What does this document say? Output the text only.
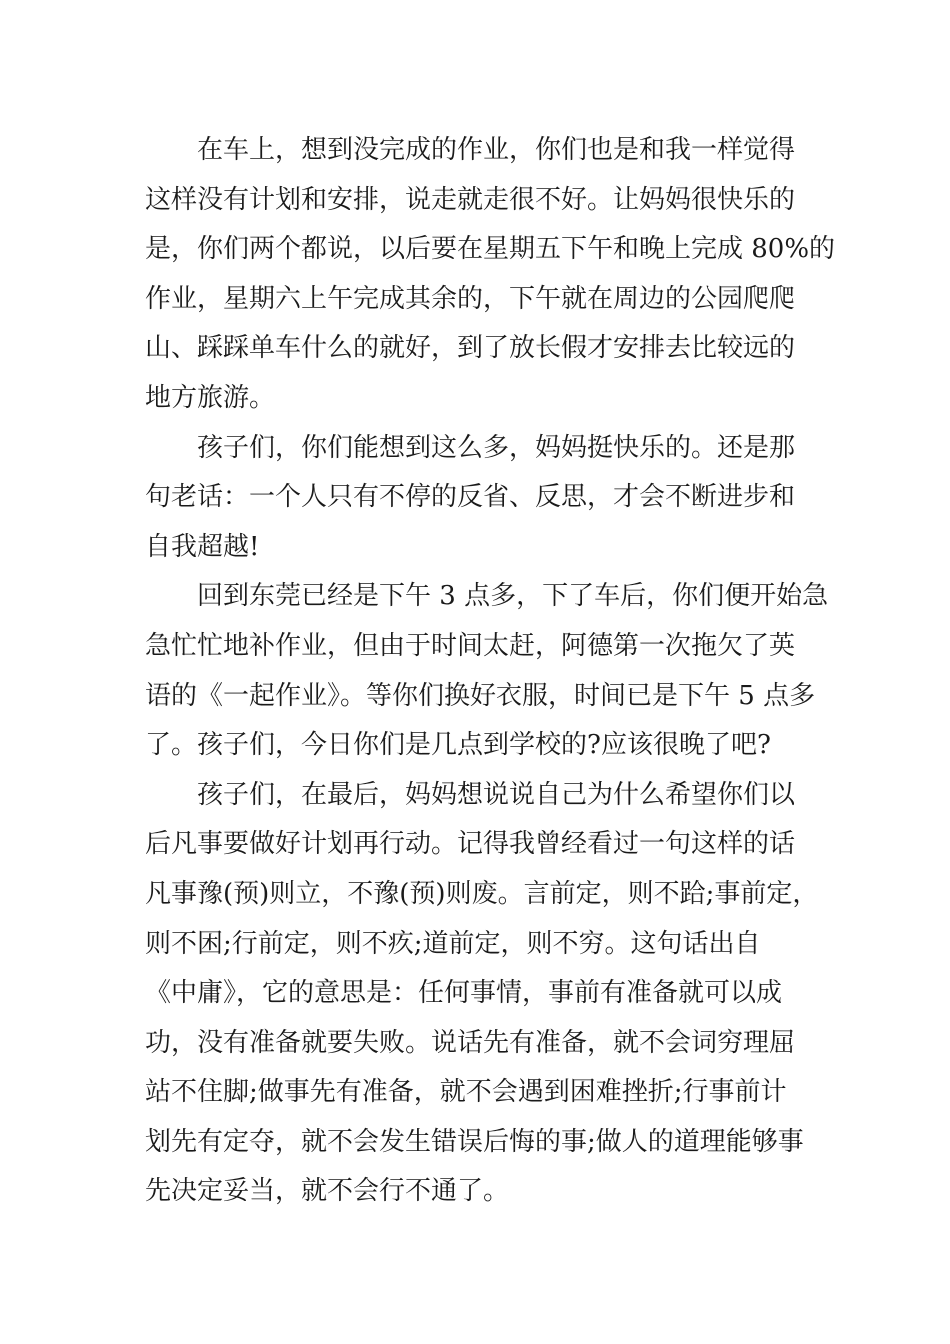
在车上，想到没完成的作业，你们也是和我一样觉得
这样没有计划和安排，说走就走很不好。让妈妈很快乐的
是，你们两个都说，以后要在星期五下午和晚上完成 80%的
作业，星期六上午完成其余的，下午就在周边的公园爬爬
山、踩踩单车什么的就好，到了放长假才安排去比较远的
地方旅游。

孩子们，你们能想到这么多，妈妈挺快乐的。还是那
句老话：一个人只有不停的反省、反思，才会不断进步和
自我超越!

回到东莞已经是下午 3 点多，下了车后，你们便开始急
急忙忙地补作业，但由于时间太赶，阿德第一次拖欠了英
语的《一起作业》。等你们换好衣服，时间已是下午 5 点多
了。孩子们，今日你们是几点到学校的?应该很晚了吧?

孩子们，在最后，妈妈想说说自己为什么希望你们以
后凡事要做好计划再行动。记得我曾经看过一句这样的话
凡事豫(预)则立，不豫(预)则废。言前定，则不跲;事前定，
则不困;行前定，则不疚;道前定，则不穷。这句话出自
《中庸》，它的意思是：任何事情，事前有准备就可以成
功，没有准备就要失败。说话先有准备，就不会词穷理屈
站不住脚;做事先有准备，就不会遇到困难挫折;行事前计
划先有定夺，就不会发生错误后悔的事;做人的道理能够事
先决定妥当，就不会行不通了。
